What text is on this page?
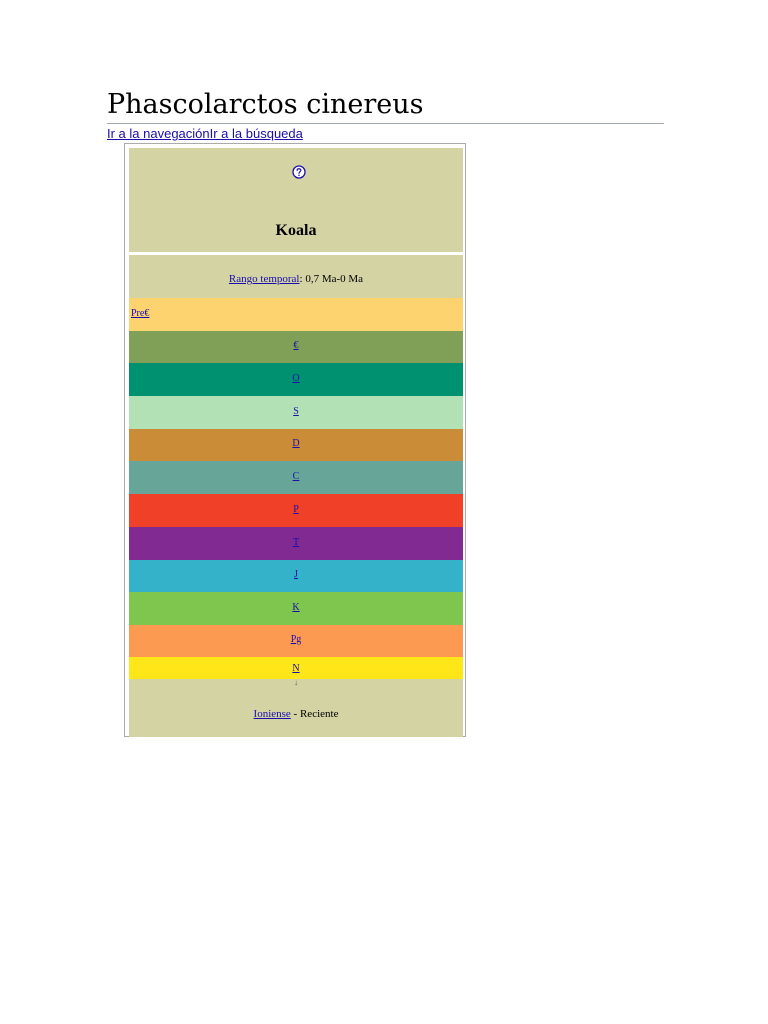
Phascolarctos cinereus
Ir a la navegaciónIr a la búsqueda
Koala
Rango temporal: 0,7 Ma-0 Ma
Pre€
€
O
S
D
C
P
T
J
K
Pg
N
↓
Ioniense - Reciente
